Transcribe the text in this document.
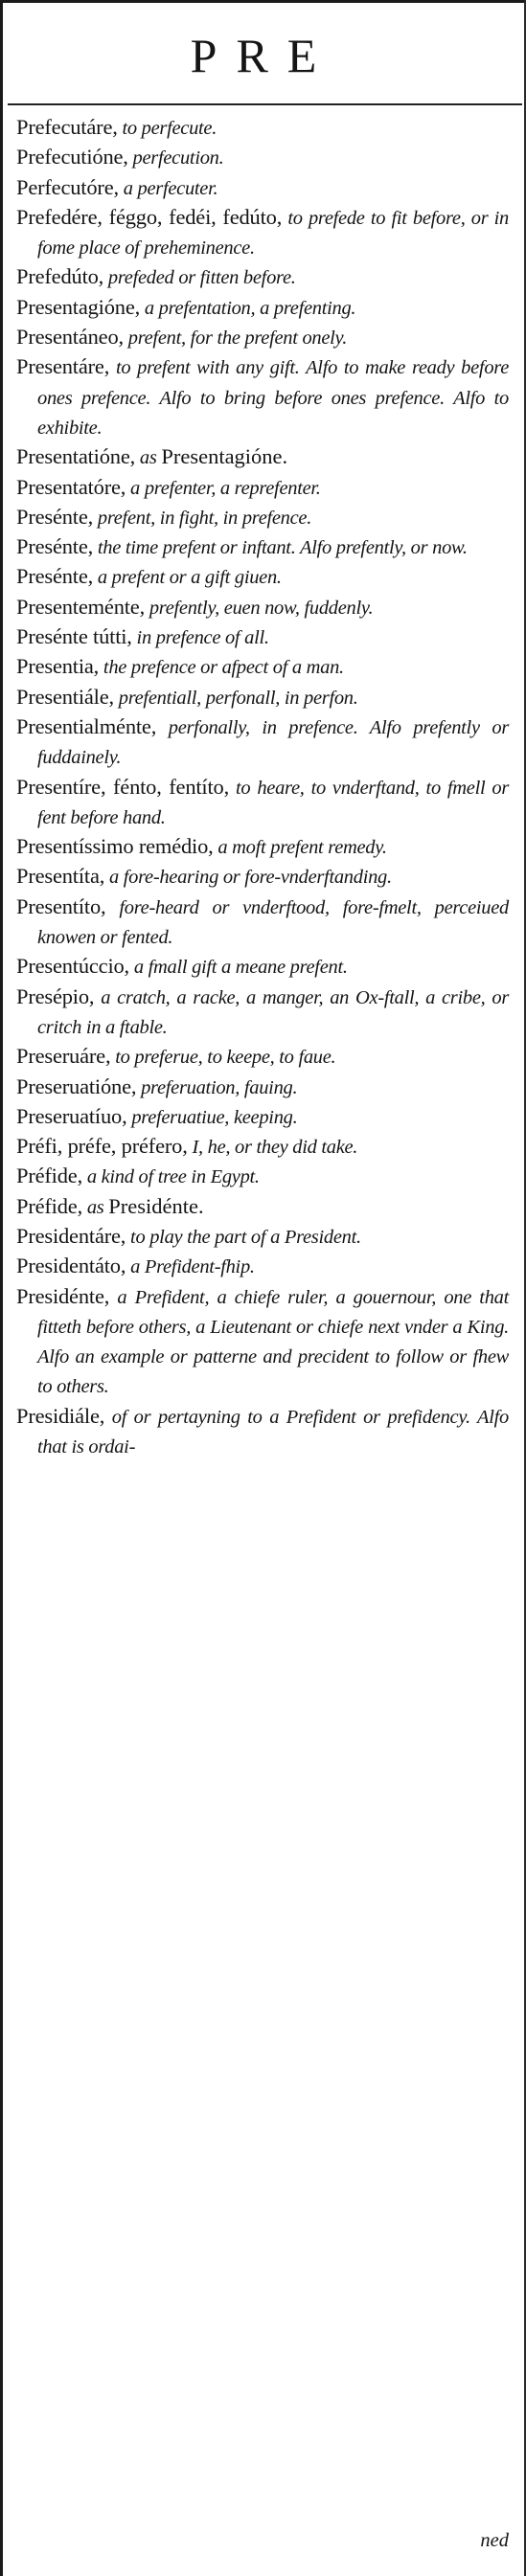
PRE

Prefecutáre, to perfecute.

Prefecutióne, perfecution.

Perfecutóre, a perfecuter.

Prefedére, féggo, fedéi, fedúto, to prefede to fit before, or in fome place of preheminence.

Prefedúto, prefeded or fitten before.

Presentagióne, a prefentation, a prefenting.

Presentáneo, prefent, for the prefent onely.

Presentáre, to prefent with any gift. Alfo to make ready before ones prefence. Alfo to bring before ones prefence. Alfo to exhibite.

Presentatióne, as Presentagióne.

Presentatóre, a prefenter, a reprefenter.

Presénte, prefent, in fight, in prefence.

Presénte, the time prefent or inftant. Alfo prefently, or now.

Presénte, a prefent or a gift giuen.

Presenteménte, prefently, euen now, fuddenly.

Presénte tútti, in prefence of all.

Presentia, the prefence or afpect of a man.

Presentiále, prefentiall, perfonall, in perfon.

Presentialménte, perfonally, in prefence. Alfo prefently or fuddainely.

Presentíre, fénto, fentíto, to heare, to vnderftand, to fmell or fent before hand.

Presentíssimo remédio, a moft prefent remedy.

Presentíta, a fore-hearing or fore-vnderftanding.

Presentíto, fore-heard or vnderftood, fore-fmelt, perceiued knowen or fented.

Presentúccio, a fmall gift a meane prefent.

Presépio, a cratch, a racke, a manger, an Ox-ftall, a cribe, or critch in a ftable.

Preseruáre, to preferue, to keepe, to faue.

Preseruatióne, preferuation, fauing.

Preseruatíuo, preferuatiue, keeping.

Préfi, préfe, préfero, I, he, or they did take.

Préfide, a kind of tree in Egypt.

Préfide, as Presidénte.

Presidentáre, to play the part of a President.

Presidentáto, a Prefident-fhip.

Presidénte, a Prefident, a chiefe ruler, a gouernour, one that fitteth before others, a Lieutenant or chiefe next vnder a King. Alfo an example or patterne and precident to follow or fhew to others.

Presidiále, of or pertayning to a Prefident or prefidency. Alfo that is ordai-

ned
